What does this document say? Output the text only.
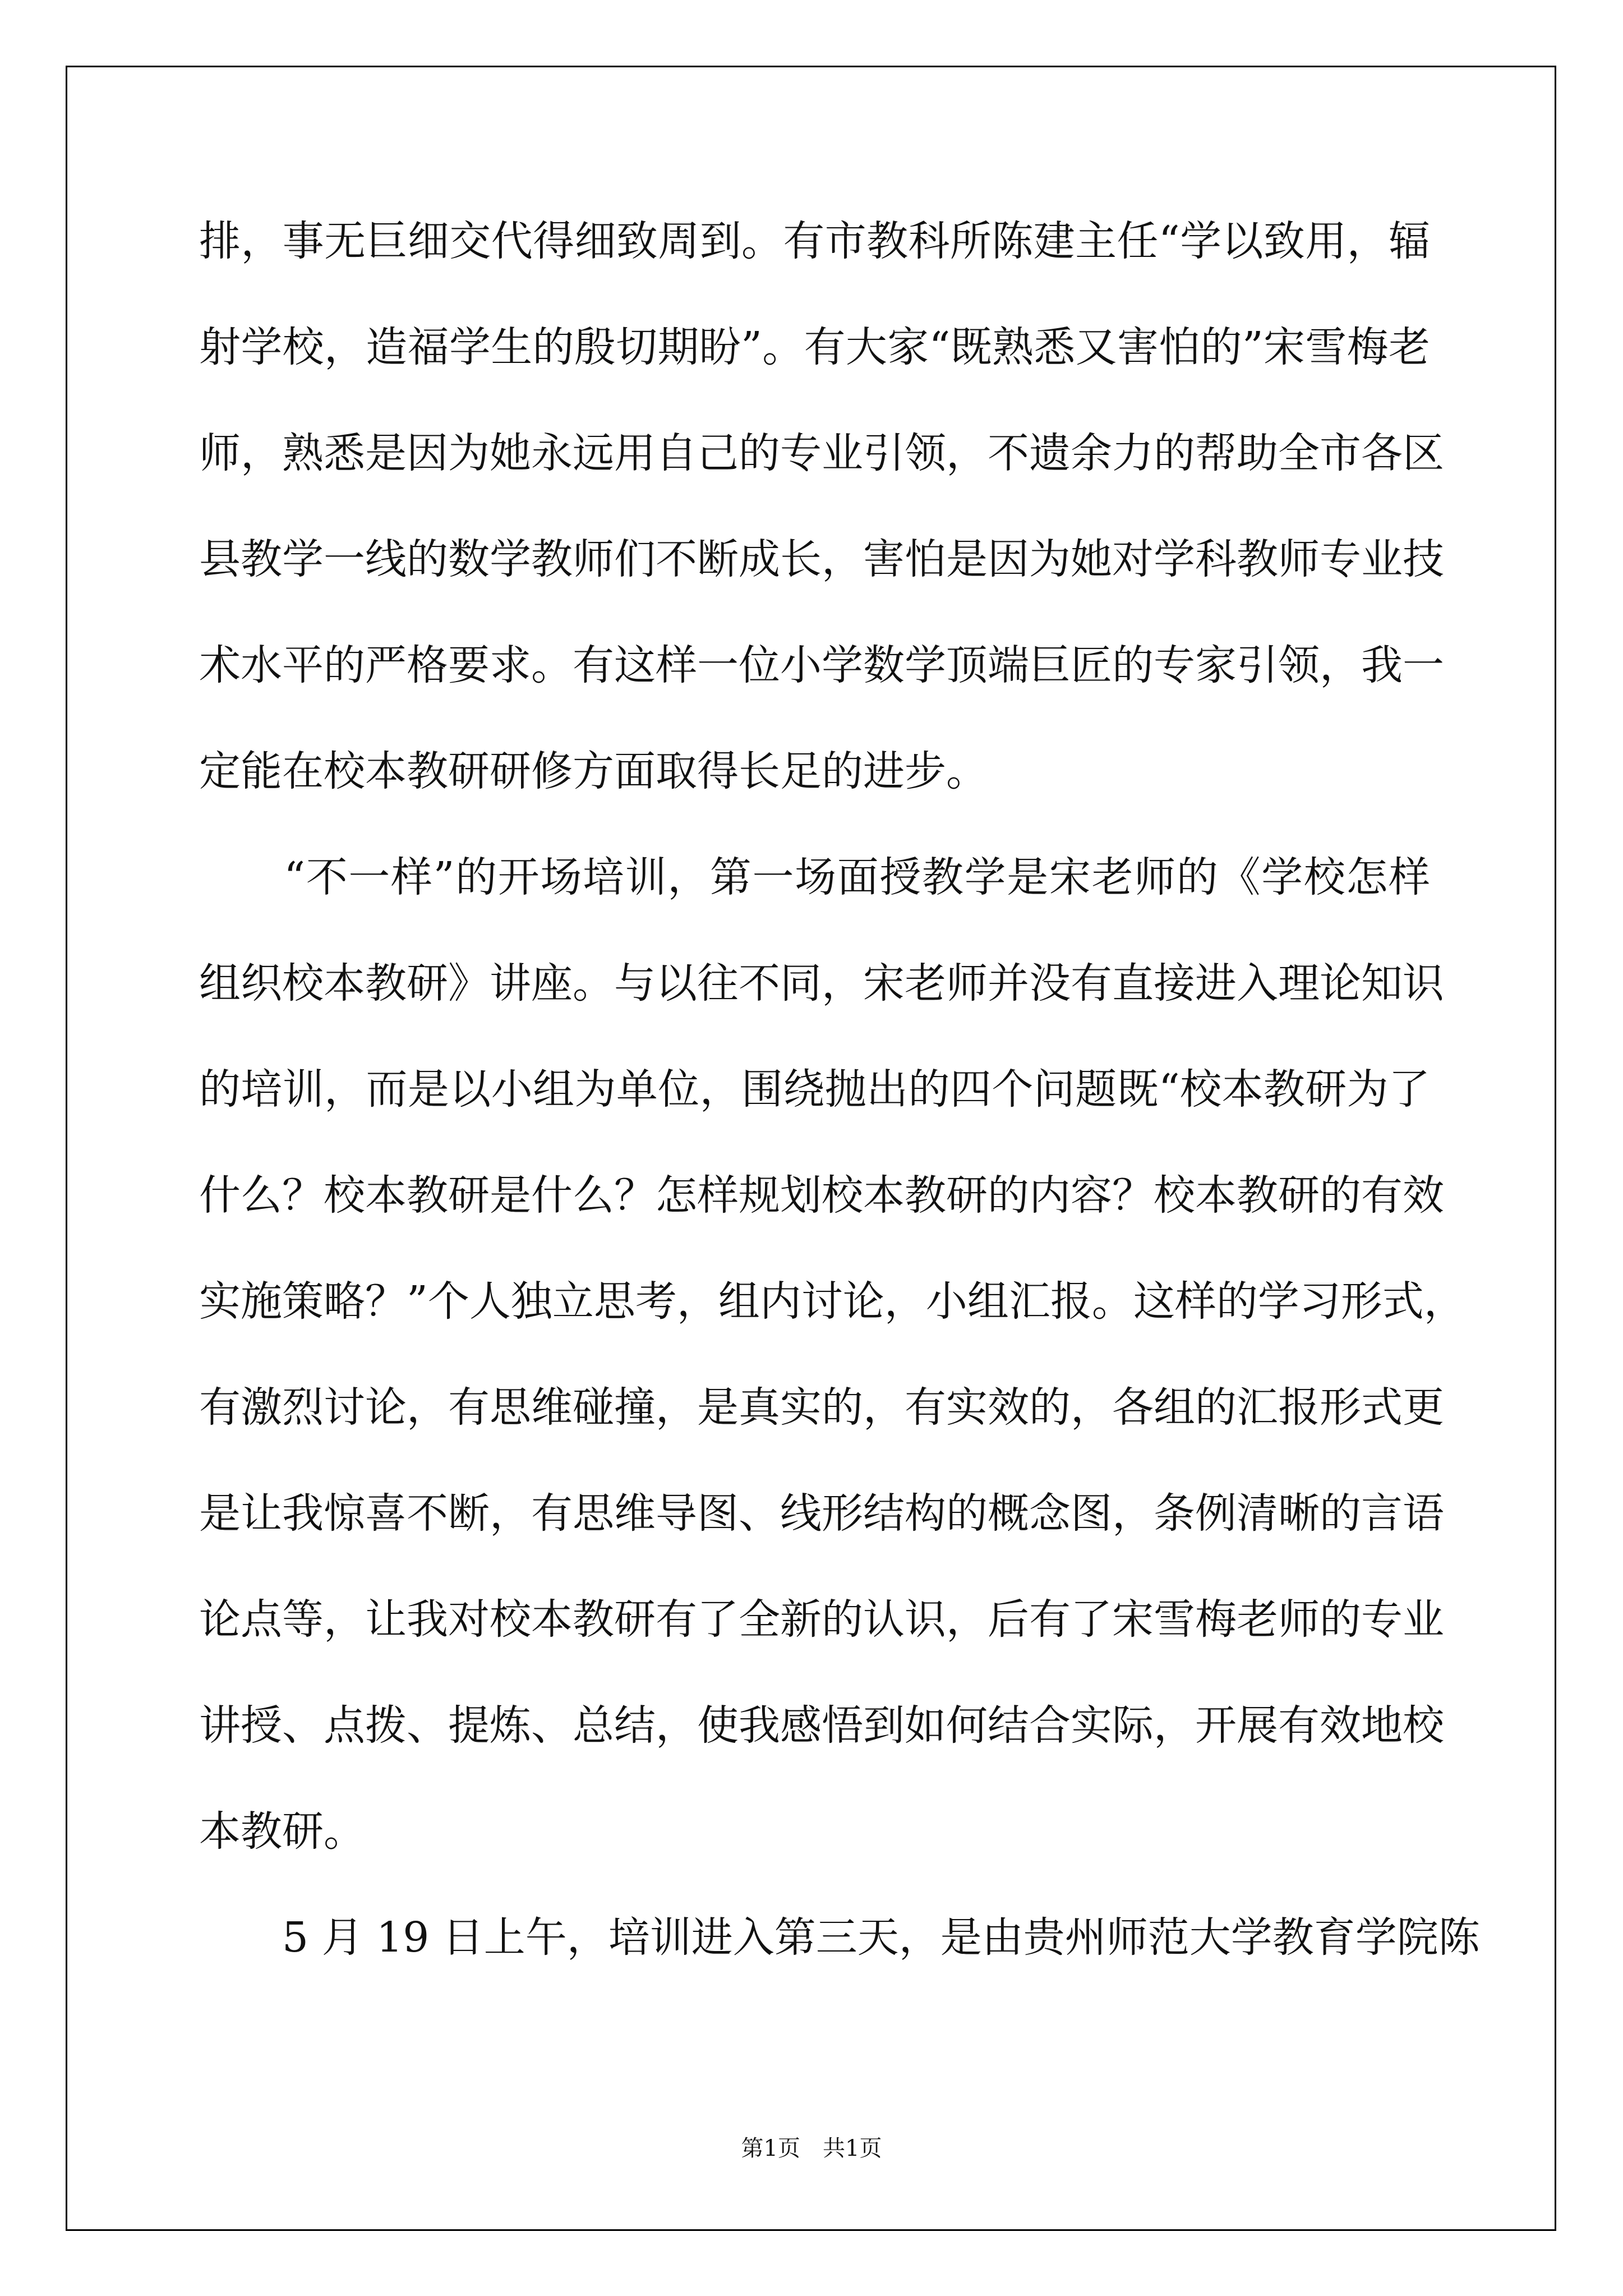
排，事无巨细交代得细致周到。有市教科所陈建主任“学以致用，辐
射学校，造福学生的殷切期盼”。有大家“既熟悉又害怕的”宋雪梅老
师，熟悉是因为她永远用自己的专业引领，不遗余力的帮助全市各区
县教学一线的数学教师们不断成长，害怕是因为她对学科教师专业技
术水平的严格要求。有这样一位小学数学顶端巨匠的专家引领，我一
定能在校本教研研修方面取得长足的进步。
　　“不一样”的开场培训，第一场面授教学是宋老师的《学校怎样
组织校本教研》讲座。与以往不同，宋老师并没有直接进入理论知识
的培训，而是以小组为单位，围绕抛出的四个问题既“校本教研为了
什么？校本教研是什么？怎样规划校本教研的内容？校本教研的有效
实施策略？”个人独立思考，组内讨论，小组汇报。这样的学习形式，
有激烈讨论，有思维碰撞，是真实的，有实效的，各组的汇报形式更
是让我惊喜不断，有思维导图、线形结构的概念图，条例清晰的言语
论点等，让我对校本教研有了全新的认识，后有了宋雪梅老师的专业
讲授、点拨、提炼、总结，使我感悟到如何结合实际，开展有效地校
本教研。
　　5 月 19 日上午，培训进入第三天，是由贵州师范大学教育学院陈
第1页　共1页
